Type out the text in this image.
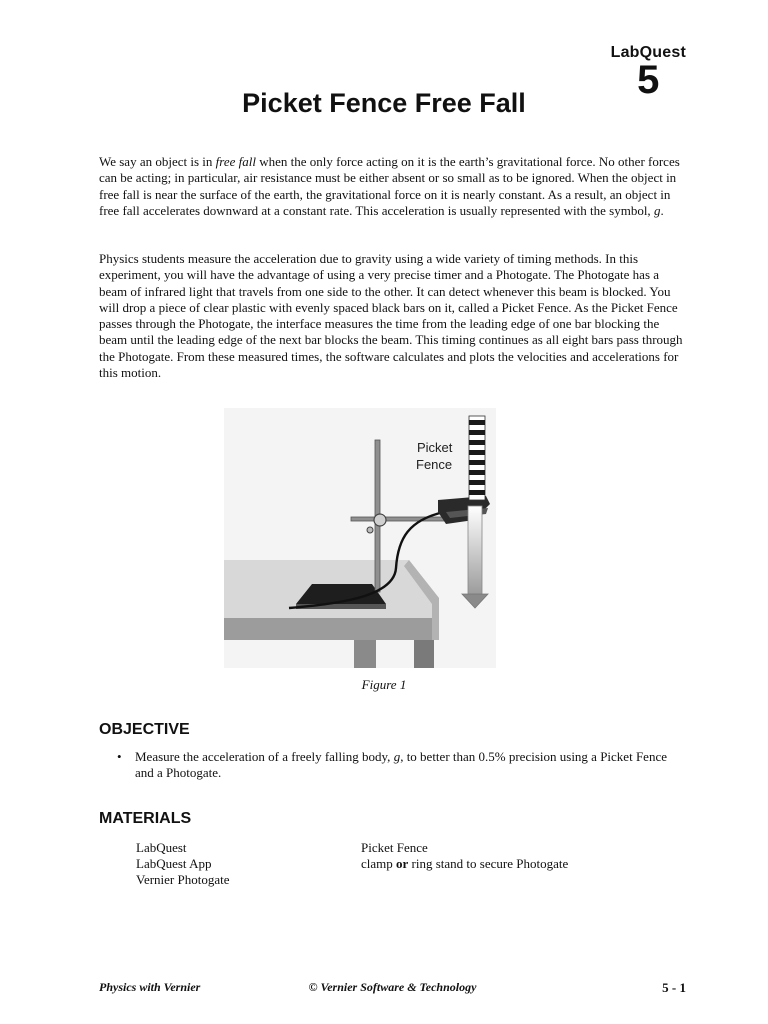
LabQuest
5
Picket Fence Free Fall

We say an object is in free fall when the only force acting on it is the earth’s gravitational force. No other forces can be acting; in particular, air resistance must be either absent or so small as to be ignored. When the object in free fall is near the surface of the earth, the gravitational force on it is nearly constant. As a result, an object in free fall accelerates downward at a constant rate. This acceleration is usually represented with the symbol, g.

Physics students measure the acceleration due to gravity using a wide variety of timing methods. In this experiment, you will have the advantage of using a very precise timer and a Photogate. The Photogate has a beam of infrared light that travels from one side to the other. It can detect whenever this beam is blocked. You will drop a piece of clear plastic with evenly spaced black bars on it, called a Picket Fence. As the Picket Fence passes through the Photogate, the interface measures the time from the leading edge of one bar blocking the beam until the leading edge of the next bar blocks the beam. This timing continues as all eight bars pass through the Photogate. From these measured times, the software calculates and plots the velocities and accelerations for this motion.

Picket
Fence

Figure 1

OBJECTIVE
• Measure the acceleration of a freely falling body, g, to better than 0.5% precision using a Picket Fence and a Photogate.
MATERIALS
LabQuest
LabQuest App
Vernier Photogate
Picket Fence
clamp or ring stand to secure Photogate
Physics with Vernier	© Vernier Software & Technology	5 - 1
